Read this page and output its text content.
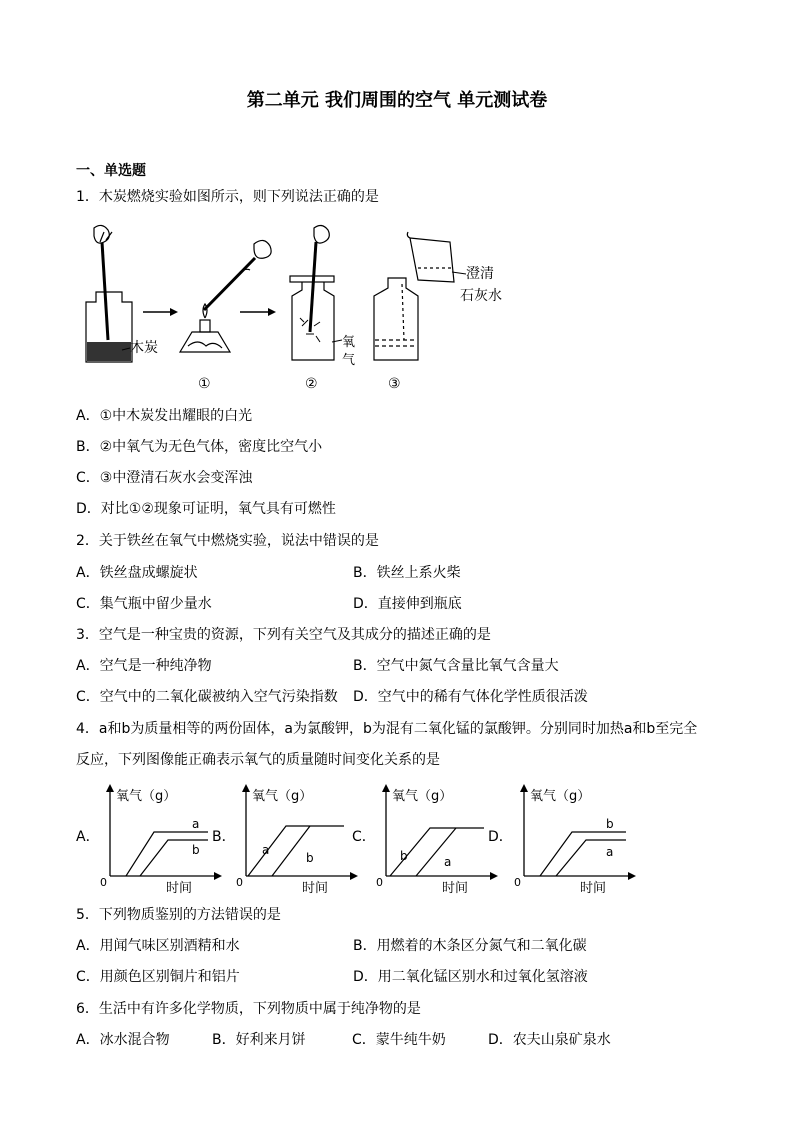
第二单元 我们周围的空气 单元测试卷
一、单选题
1．木炭燃烧实验如图所示，则下列说法正确的是
木炭	氧
气
澄清
石灰水
①	②	③
A．①中木炭发出耀眼的白光
B．②中氧气为无色气体，密度比空气小
C．③中澄清石灰水会变浑浊
D．对比①②现象可证明，氧气具有可燃性
2．关于铁丝在氧气中燃烧实验，说法中错误的是
A．铁丝盘成螺旋状	B．铁丝上系火柴
C．集气瓶中留少量水	D．直接伸到瓶底
3．空气是一种宝贵的资源，下列有关空气及其成分的描述正确的是
A．空气是一种纯净物	B．空气中氮气含量比氧气含量大
C．空气中的二氧化碳被纳入空气污染指数 D．空气中的稀有气体化学性质很活泼
4．a和b为质量相等的两份固体，a为氯酸钾，b为混有二氧化锰的氯酸钾。分别同时加热a和b至完全
反应，下列图像能正确表示氧气的质量随时间变化关系的是
A．	B．	C．	D．
氧气（g）
时间
0
a
b
氧气（g）
时间
0
a
b
氧气（g）
时间
0
b	a
氧气（g）
时间
0
b
a
5．下列物质鉴别的方法错误的是
A．用闻气味区别酒精和水	B．用燃着的木条区分氮气和二氧化碳
C．用颜色区别铜片和铝片	D．用二氧化锰区别水和过氧化氢溶液
6．生活中有许多化学物质，下列物质中属于纯净物的是
A．冰水混合物	B．好利来月饼	C．蒙牛纯牛奶	D．农夫山泉矿泉水
